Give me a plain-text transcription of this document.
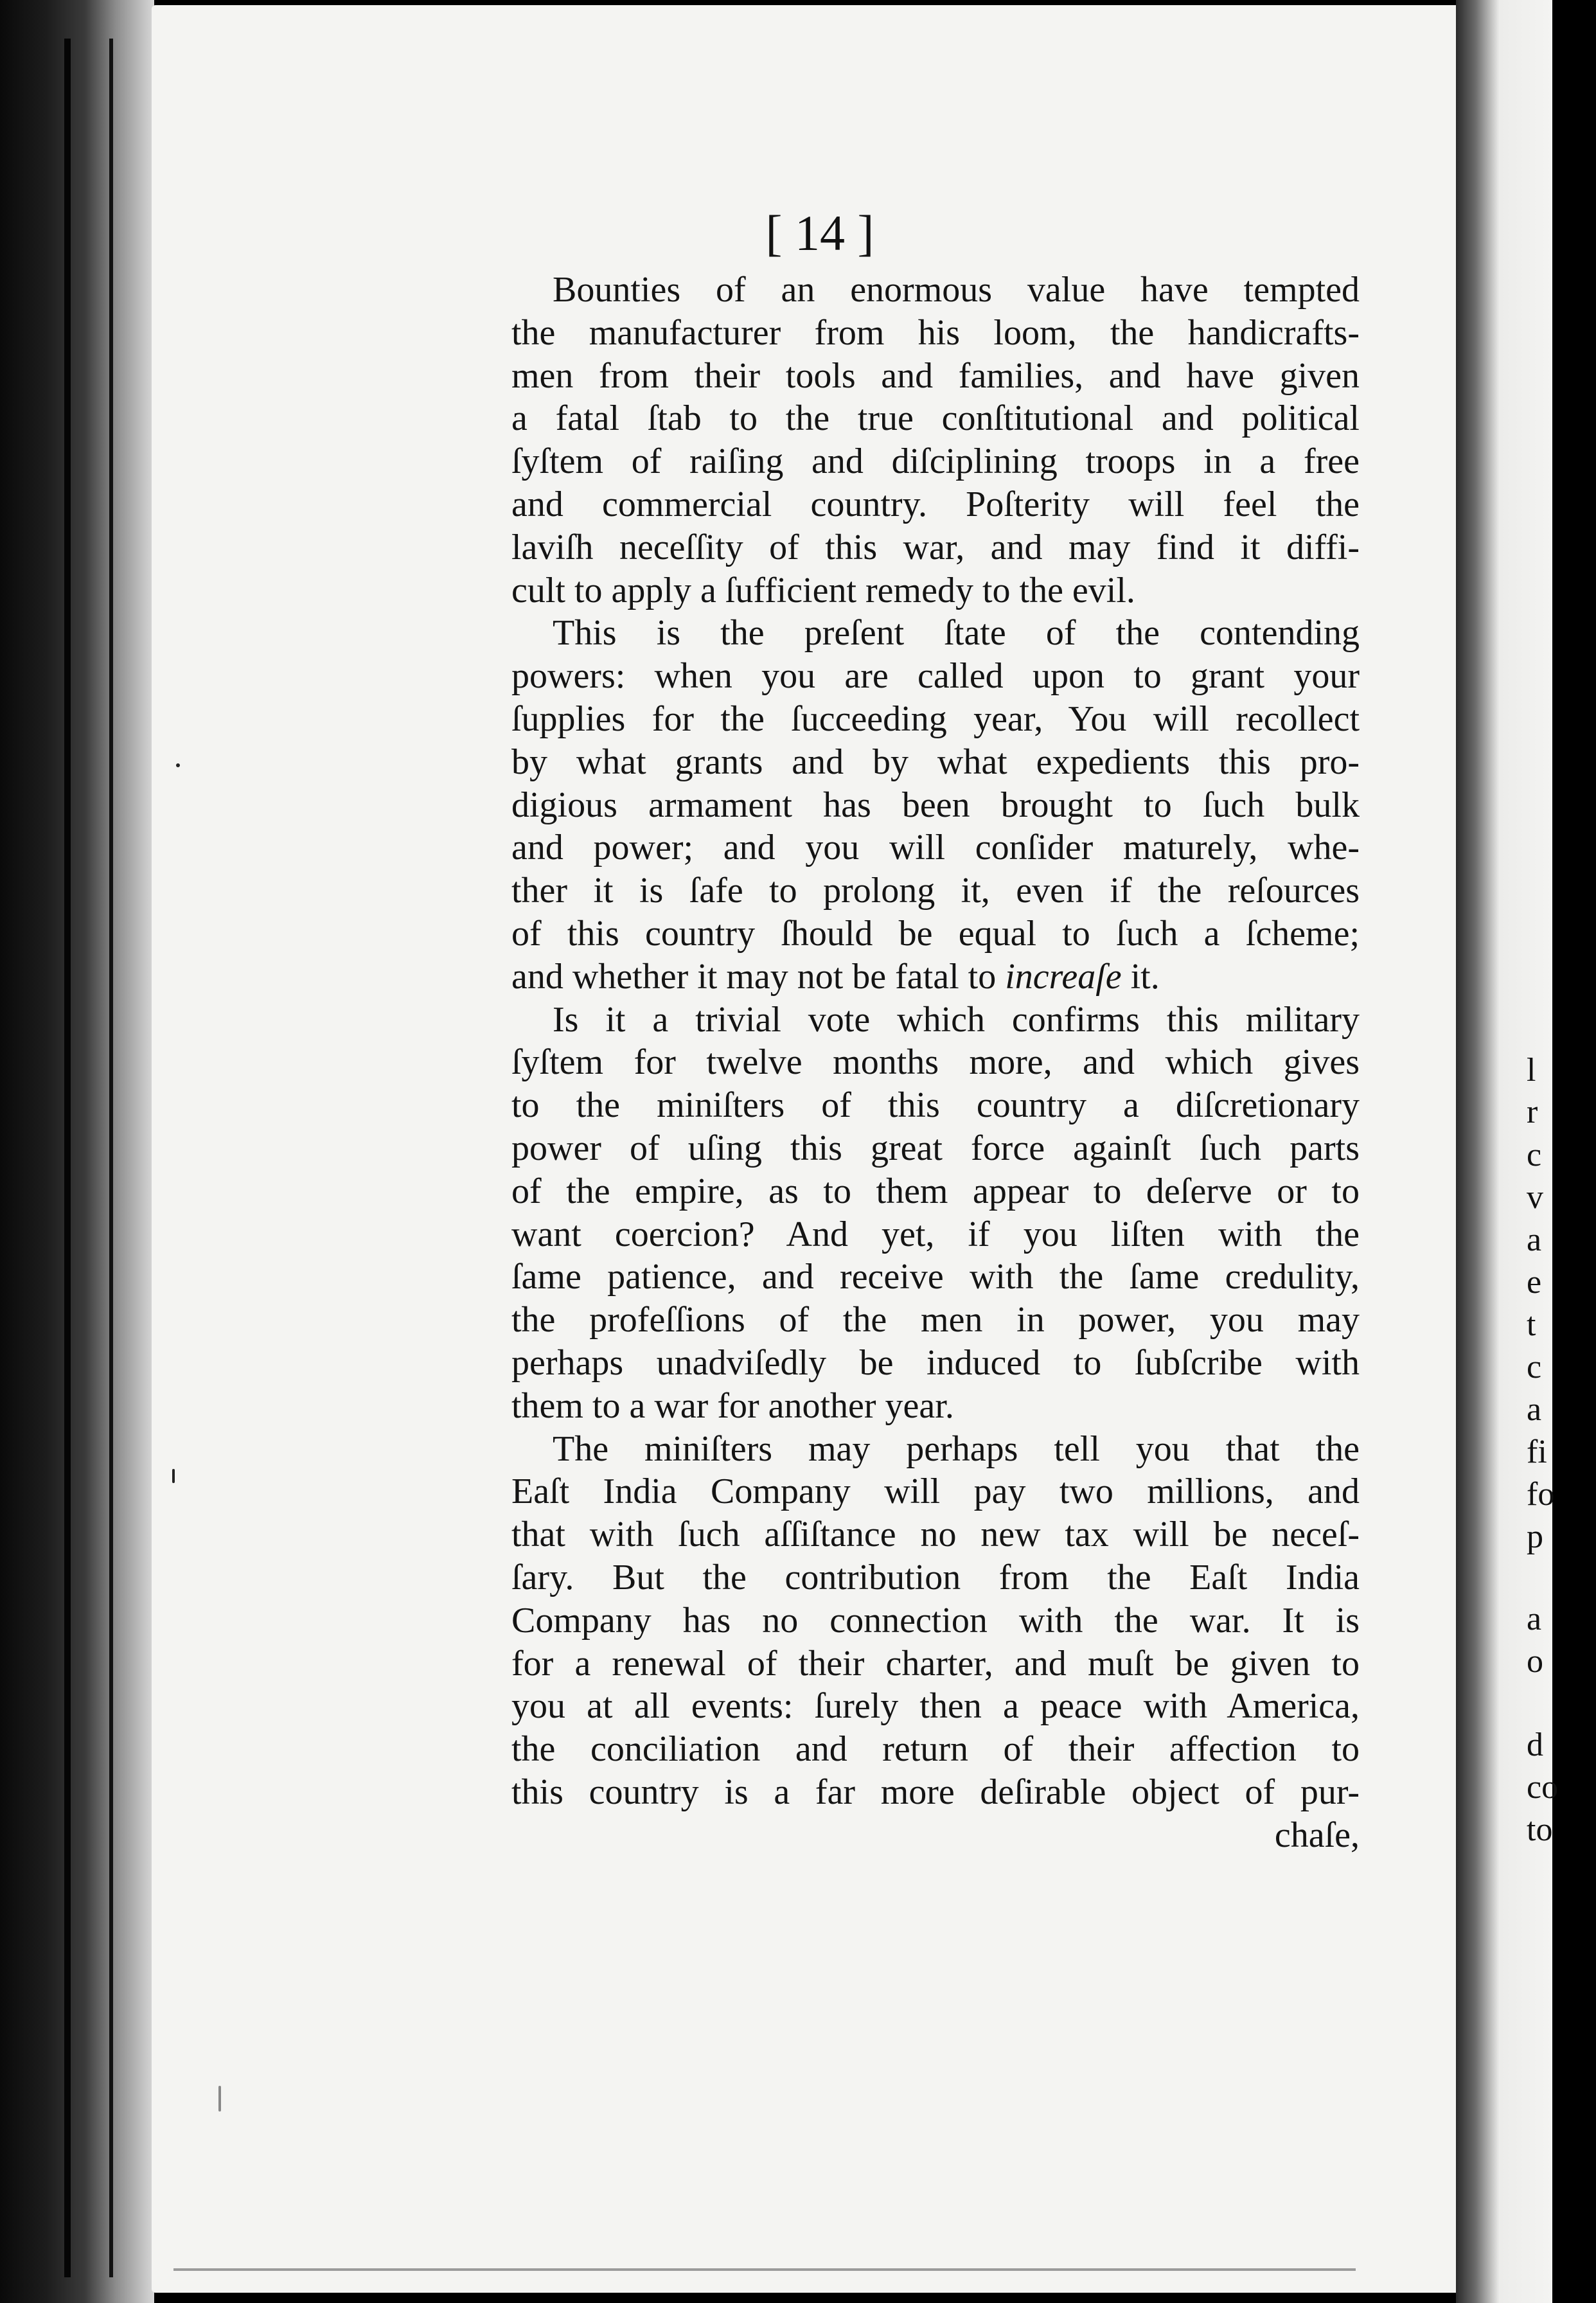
l
r
c
v
a
e
t
c
a
fi
fo
p
a
o
d
co
to
[ 14 ]
Bounties of an enormous value have tempted
the manufacturer from his loom, the handicrafts-
men from their tools and families, and have given
a fatal ſtab to the true conſtitutional and political
ſyſtem of raiſing and diſciplining troops in a free
and commercial country. Poſterity will feel the
laviſh neceſſity of this war, and may find it diffi-
cult to apply a ſufficient remedy to the evil.
This is the preſent ſtate of the contending
powers: when you are called upon to grant your
ſupplies for the ſucceeding year, You will recollect
by what grants and by what expedients this pro-
digious armament has been brought to ſuch bulk
and power; and you will conſider maturely, whe-
ther it is ſafe to prolong it, even if the reſources
of this country ſhould be equal to ſuch a ſcheme;
and whether it may not be fatal to increaſe it.
Is it a trivial vote which confirms this military
ſyſtem for twelve months more, and which gives
to the miniſters of this country a diſcretionary
power of uſing this great force againſt ſuch parts
of the empire, as to them appear to deſerve or to
want coercion? And yet, if you liſten with the
ſame patience, and receive with the ſame credulity,
the profeſſions of the men in power, you may
perhaps unadviſedly be induced to ſubſcribe with
them to a war for another year.
The miniſters may perhaps tell you that the
Eaſt India Company will pay two millions, and
that with ſuch aſſiſtance no new tax will be neceſ-
ſary. But the contribution from the Eaſt India
Company has no connection with the war. It is
for a renewal of their charter, and muſt be given to
you at all events: ſurely then a peace with America,
the conciliation and return of their affection to
this country is a far more deſirable object of pur-
chaſe,
